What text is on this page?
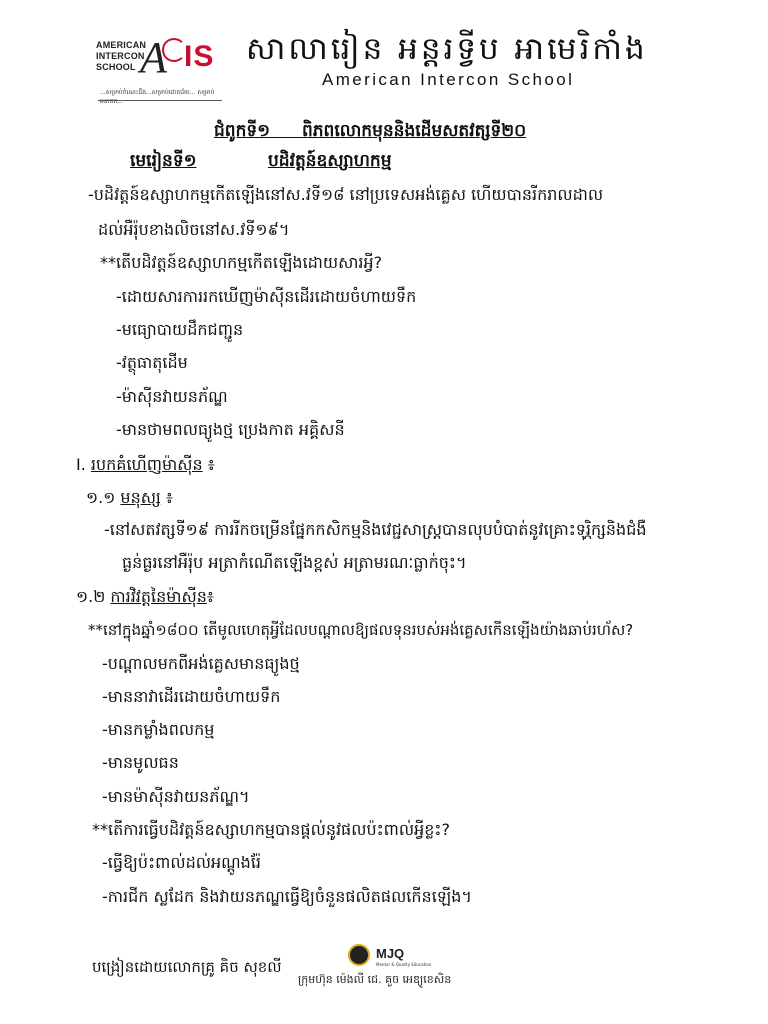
AMERICAN
INTERCON
SCHOOL A IS
...សម្រាប់ចំណេះដឹង...សម្រាប់ជោគជ័យ... សម្រាប់អនាគត...
សាលារៀន អន្តរទ្វីប អាមេរិកាំង
American Intercon School
ជំពូកទី១ ពិភពលោកមុននិងដើមសតវត្សទី២០
មេរៀនទី១	បដិវត្តន៍ឧស្សាហកម្ម
-បដិវត្តន៍ឧស្សាហកម្មកើតឡើងនៅស.វទី១៨ នៅប្រទេសអង់គ្លេស ហើយបានរីករាលដាល
ដល់អឺរ៉ុបខាងលិចនៅស.វទី១៩។
**តើបដិវត្តន៍ឧស្សាហកម្មកើតឡើងដោយសារអ្វី?
-ដោយសារការរកឃើញម៉ាស៊ីនដើរដោយចំហាយទឹក
-មធ្យោបាយដឹកជញ្ជូន
-វត្ថុធាតុដើម
-ម៉ាស៊ីនវាយនភ័ណ្ឌ
-មានថាមពលធ្យូងថ្ម ប្រេងកាត អគ្គិសនី
I. របកគំហើញម៉ាស៊ីន ៖
១.១ មនុស្ស ៖
-នៅសតវត្សទី១៩ ការរីកចម្រើនផ្នែកកសិកម្មនិងវេជ្ជសាស្ត្របានលុបបំបាត់នូវគ្រោះទុរ្ភិក្សនិងជំងឺ
ធ្ងន់ធ្ងរនៅអឺរ៉ុប អត្រាកំណើតឡើងខ្ពស់ អត្រាមរណៈធ្លាក់ចុះ។
១.២ ការវិវត្តនៃម៉ាស៊ីន៖
**នៅក្នុងឆ្នាំ១៨០០ តើមូលហេតុអ្វីដែលបណ្តាលឱ្យផលទុនរបស់អង់គ្លេសកើនឡើងយ៉ាងឆាប់រហ័ស?
-បណ្តាលមកពីអង់គ្លេសមានធ្យូងថ្ម
-មាននាវាដើរដោយចំហាយទឹក
-មានកម្លាំងពលកម្ម
-មានមូលធន
-មានម៉ាស៊ីនវាយនភ័ណ្ឌ។
**តើការធ្វើបដិវត្តន៍ឧស្សាហកម្មបានផ្តល់នូវផលប៉ះពាល់អ្វីខ្លះ?
-ធ្វើឱ្យប៉ះពាល់ដល់អណ្តូងរ៉ែ
-ការជីក ស្លដែក និងវាយនភណ្ឌធ្វើឱ្យចំនួនផលិតផលកើនឡើង។
បង្រៀនដោយលោកគ្រូ គិច សុខលី
MJQ
Mentor & Quality Education
ក្រុមហ៊ុន ម៉េងលី ជេ. គួច អេឌ្យូខេសិន
